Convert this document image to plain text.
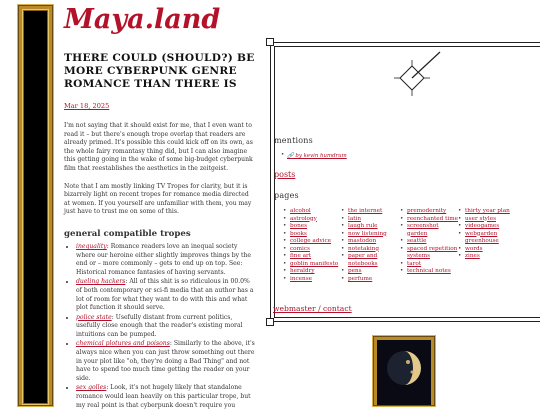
Maya.land
THERE COULD (SHOULD?) BE MORE CYBERPUNK GENRE ROMANCE THAN THERE IS
Mar 18, 2025

I'm not saying that it should exist for me, that I even want to read it – but there's enough trope overlap that readers are already primed. It's possible this could kick off on its own, as the whole fairy romantasy thing did, but I can also imagine this getting going in the wake of some big-budget cyberpunk film that reestablishes the aesthetics in the zeitgeist.

Note that I am mostly linking TV Tropes for clarity, but it is bizarrely light on recent tropes for romance media directed at women. If you yourself are unfamiliar with them, you may just have to trust me on some of this.

general compatible tropes
• inequality: Romance readers love an inequal society where our heroine either slightly improves things by the end or – more commonly – gets to end up on top. See: Historical romance fantasies of having servants.
• dueling hackers: All of this shit is so ridiculous in 00.0% of both contemporary or sci-fi media that an author has a lot of room for what they want to do with this and what plot function it should serve.
• police state: Usefully distant from current politics, usefully close enough that the reader's existing moral intuitions can be pumped.
• chemical plotures and poisons: Similarly to the above, it's always nice when you can just throw something out there in your plot like "oh, they're doing a Bad Thing" and not have to spend too much time getting the reader on your side.
• sex golles: Look, it's not hugely likely that standalone romance would lean heavily on this particular trope, but my real point is that cyberpunk doesn't require you
mentions
• 🔗 by kevin humdrum
posts
pages
• alcohol
• astrology
• bones
• books
• college advice
• comics
• fine art
• goblin manifesto
• heraldry
• incense
• the internet
• latin
• laugh rule
• now listening
• mastodon
• notetaking
• paper and notebooks
• pens
• perfume
• premodernity
• reenchanted time
• screenshot garden
• seattle
• spaced repetition systems
• tarot
• technical notes
• thirty year plan
• user styles
• videogames
• webgarden greenhouse
• words
• zines
webmaster / contact
